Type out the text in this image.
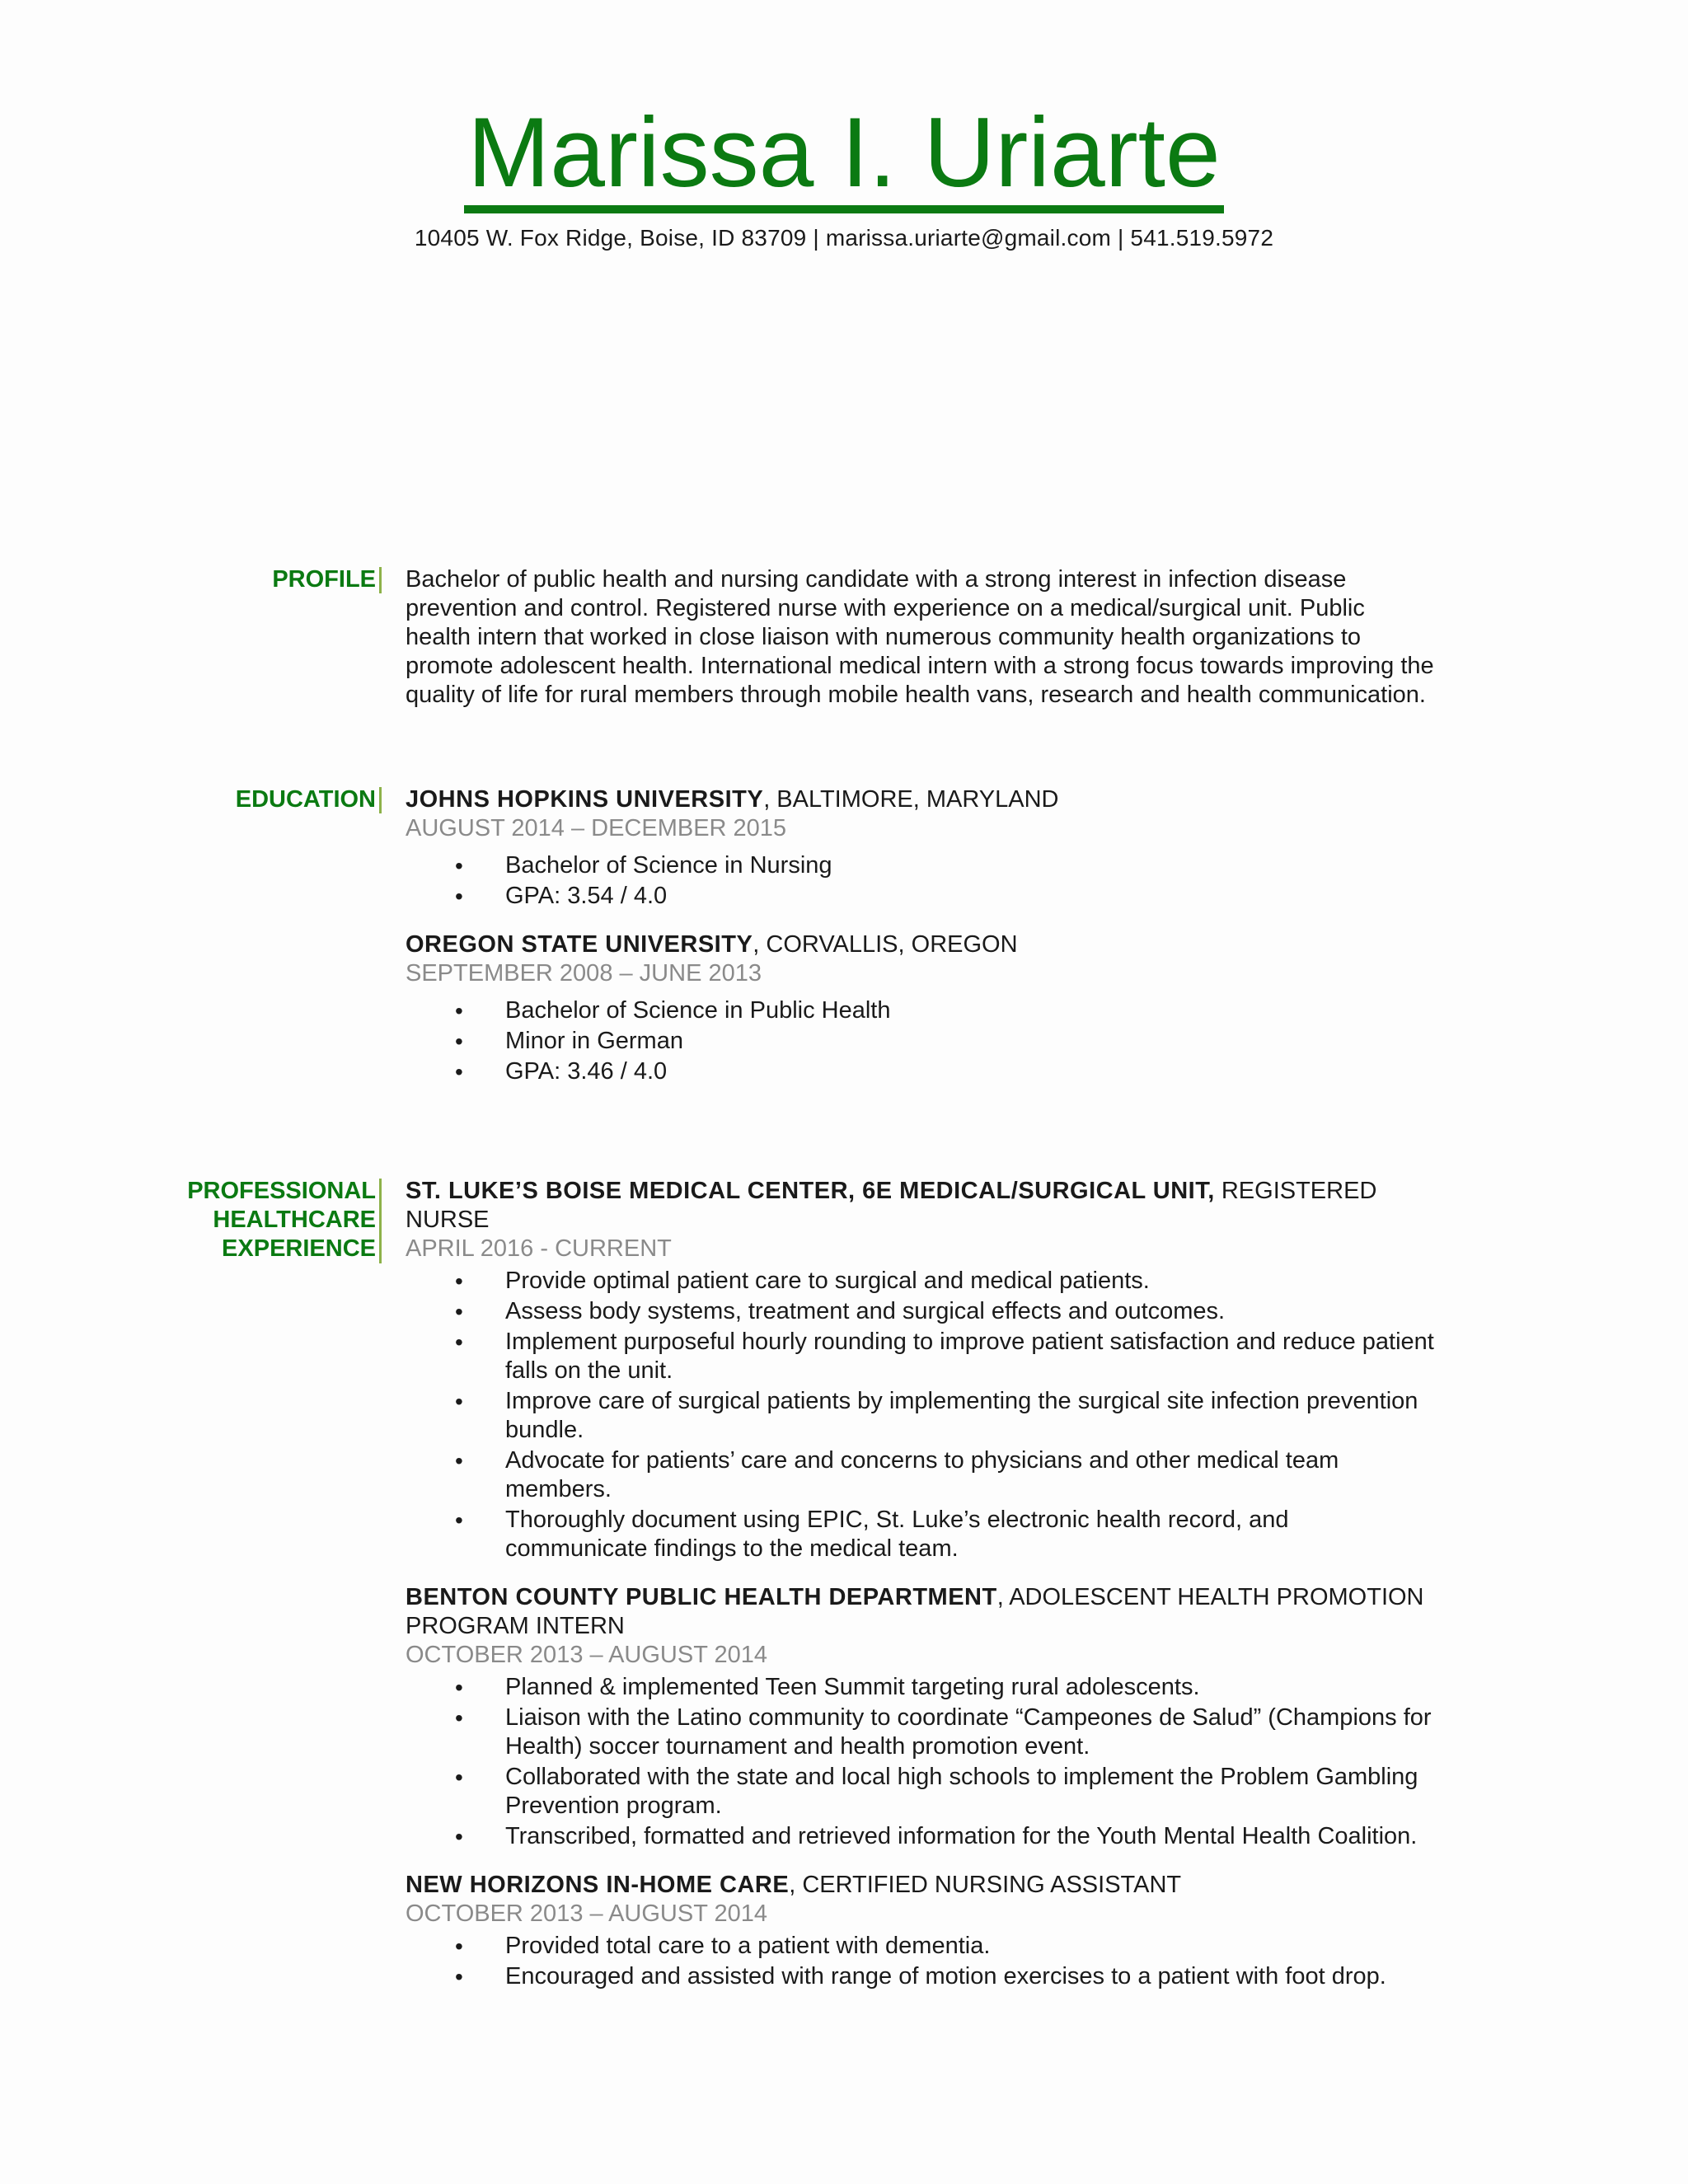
Marissa I. Uriarte
10405 W. Fox Ridge, Boise, ID 83709 | marissa.uriarte@gmail.com | 541.519.5972
PROFILE	Bachelor of public health and nursing candidate with a strong interest in infection disease prevention and control. Registered nurse with experience on a medical/surgical unit. Public health intern that worked in close liaison with numerous community health organizations to promote adolescent health. International medical intern with a strong focus towards improving the quality of life for rural members through mobile health vans, research and health communication.

EDUCATION	JOHNS HOPKINS UNIVERSITY, BALTIMORE, MARYLAND

AUGUST 2014 – DECEMBER 2015

• Bachelor of Science in Nursing
• GPA: 3.54 / 4.0

OREGON STATE UNIVERSITY, CORVALLIS, OREGON

SEPTEMBER 2008 – JUNE 2013

• Bachelor of Science in Public Health
• Minor in German
• GPA: 3.46 / 4.0
PROFESSIONAL
HEALTHCARE
EXPERIENCE

ST. LUKE’S BOISE MEDICAL CENTER, 6E MEDICAL/SURGICAL UNIT, REGISTERED NURSE

APRIL 2016 - CURRENT

• Provide optimal patient care to surgical and medical patients.
• Assess body systems, treatment and surgical effects and outcomes.
• Implement purposeful hourly rounding to improve patient satisfaction and reduce patient falls on the unit.
• Improve care of surgical patients by implementing the surgical site infection prevention bundle.
• Advocate for patients’ care and concerns to physicians and other medical team members.
• Thoroughly document using EPIC, St. Luke’s electronic health record, and communicate findings to the medical team.

BENTON COUNTY PUBLIC HEALTH DEPARTMENT, ADOLESCENT HEALTH PROMOTION PROGRAM INTERN

OCTOBER 2013 – AUGUST 2014

• Planned & implemented Teen Summit targeting rural adolescents.
• Liaison with the Latino community to coordinate “Campeones de Salud” (Champions for Health) soccer tournament and health promotion event.
• Collaborated with the state and local high schools to implement the Problem Gambling Prevention program.
• Transcribed, formatted and retrieved information for the Youth Mental Health Coalition.

NEW HORIZONS IN-HOME CARE, CERTIFIED NURSING ASSISTANT

OCTOBER 2013 – AUGUST 2014

• Provided total care to a patient with dementia.
• Encouraged and assisted with range of motion exercises to a patient with foot drop.
